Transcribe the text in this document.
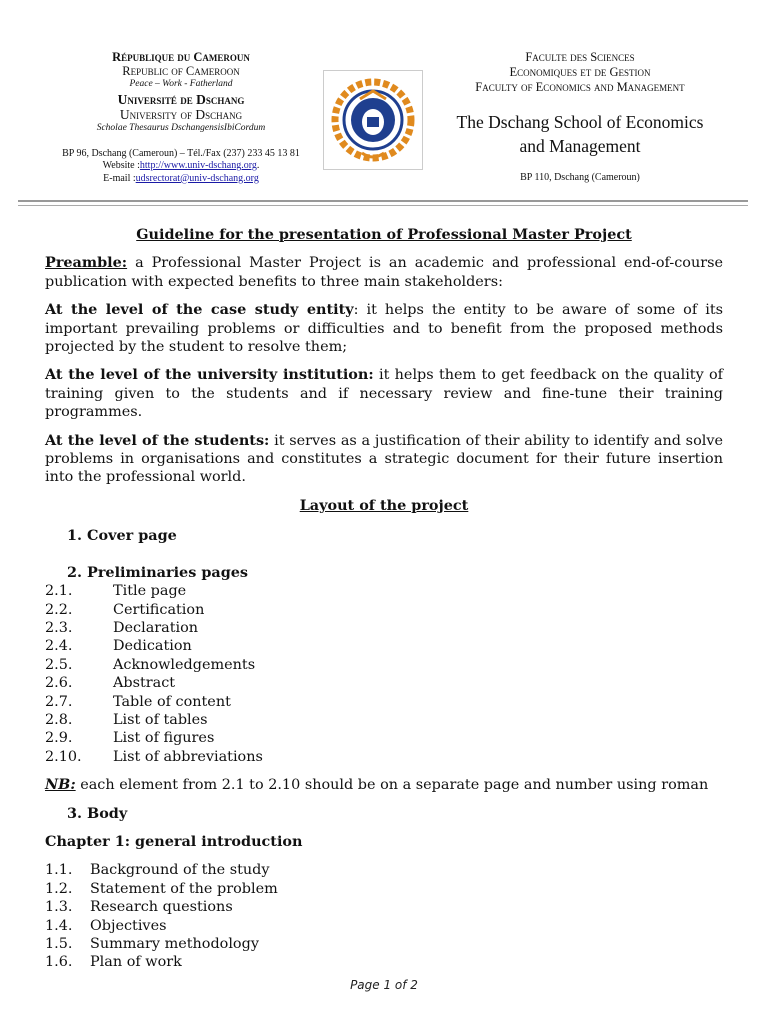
République du Cameroun
Republic of Cameroon
Peace – Work - Fatherland
Université de Dschang
University of Dschang
Scholae Thesaurus DschangensisIbiCordum
BP 96, Dschang (Cameroun) – Tél./Fax (237) 233 45 13 81
Website :http://www.univ-dschang.org.
E-mail :udsrectorat@univ-dschang.org
Faculte des Sciences
Economiques et de Gestion
Faculty of Economics and Management
The Dschang School of Economics
and Management
BP 110, Dschang (Cameroun)
Guideline for the presentation of Professional Master Project

Preamble: a Professional Master Project is an academic and professional end-of-course publication with expected benefits to three main stakeholders:

At the level of the case study entity: it helps the entity to be aware of some of its important prevailing problems or difficulties and to benefit from the proposed methods projected by the student to resolve them;

At the level of the university institution: it helps them to get feedback on the quality of training given to the students and if necessary review and fine-tune their training programmes.

At the level of the students: it serves as a justification of their ability to identify and solve problems in organisations and constitutes a strategic document for their future insertion into the professional world.

Layout of the project
1. Cover page
2. Preliminaries pages
2.1.	Title page
2.2.	Certification
2.3.	Declaration
2.4.	Dedication
2.5.	Acknowledgements
2.6.	Abstract
2.7.	Table of content
2.8.	List of tables
2.9.	List of figures
2.10.	List of abbreviations

NB: each element from 2.1 to 2.10 should be on a separate page and number using roman

3. Body
Chapter 1: general introduction
1.1.	Background of the study
1.2.	Statement of the problem
1.3.	Research questions
1.4.	Objectives
1.5.	Summary methodology
1.6.	Plan of work
Page 1 of 2
